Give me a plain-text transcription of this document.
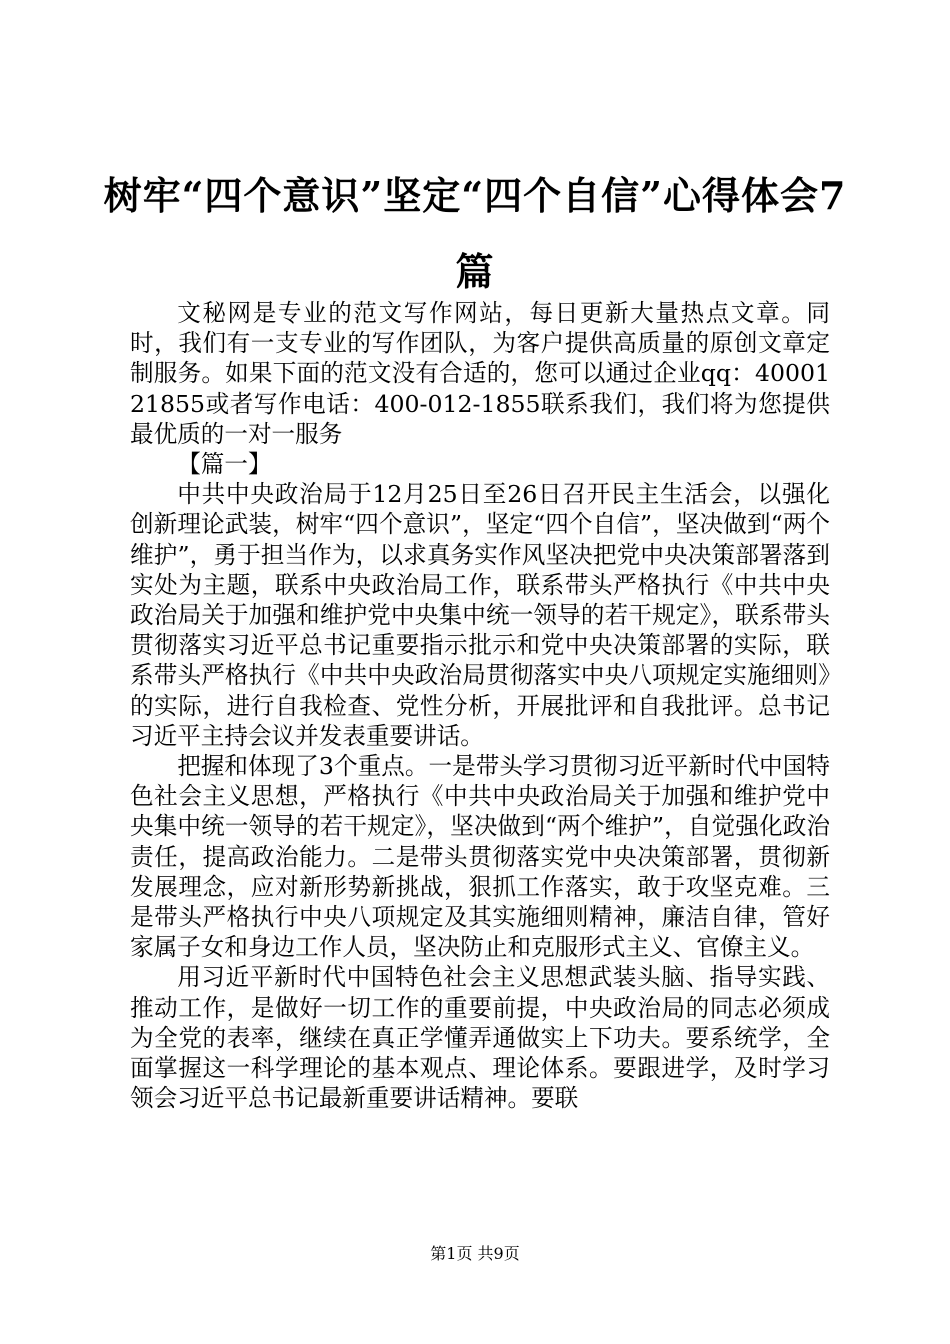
树牢“四个意识”坚定“四个自信”心得体会7篇

文秘网是专业的范文写作网站，每日更新大量热点文章。同时，我们有一支专业的写作团队，为客户提供高质量的原创文章定制服务。如果下面的范文没有合适的，您可以通过企业qq：4000121855或者写作电话：400-012-1855联系我们，我们将为您提供最优质的一对一服务

【篇一】

中共中央政治局于12月25日至26日召开民主生活会，以强化创新理论武装，树牢“四个意识”，坚定“四个自信”，坚决做到“两个维护”，勇于担当作为，以求真务实作风坚决把党中央决策部署落到实处为主题，联系中央政治局工作，联系带头严格执行《中共中央政治局关于加强和维护党中央集中统一领导的若干规定》，联系带头贯彻落实习近平总书记重要指示批示和党中央决策部署的实际，联系带头严格执行《中共中央政治局贯彻落实中央八项规定实施细则》的实际，进行自我检查、党性分析，开展批评和自我批评。总书记习近平主持会议并发表重要讲话。

把握和体现了3个重点。一是带头学习贯彻习近平新时代中国特色社会主义思想，严格执行《中共中央政治局关于加强和维护党中央集中统一领导的若干规定》，坚决做到“两个维护”，自觉强化政治责任，提高政治能力。二是带头贯彻落实党中央决策部署，贯彻新发展理念，应对新形势新挑战，狠抓工作落实，敢于攻坚克难。三是带头严格执行中央八项规定及其实施细则精神，廉洁自律，管好家属子女和身边工作人员，坚决防止和克服形式主义、官僚主义。

用习近平新时代中国特色社会主义思想武装头脑、指导实践、推动工作，是做好一切工作的重要前提，中央政治局的同志必须成为全党的表率，继续在真正学懂弄通做实上下功夫。要系统学，全面掌握这一科学理论的基本观点、理论体系。要跟进学，及时学习领会习近平总书记最新重要讲话精神。要联

第1页 共9页
